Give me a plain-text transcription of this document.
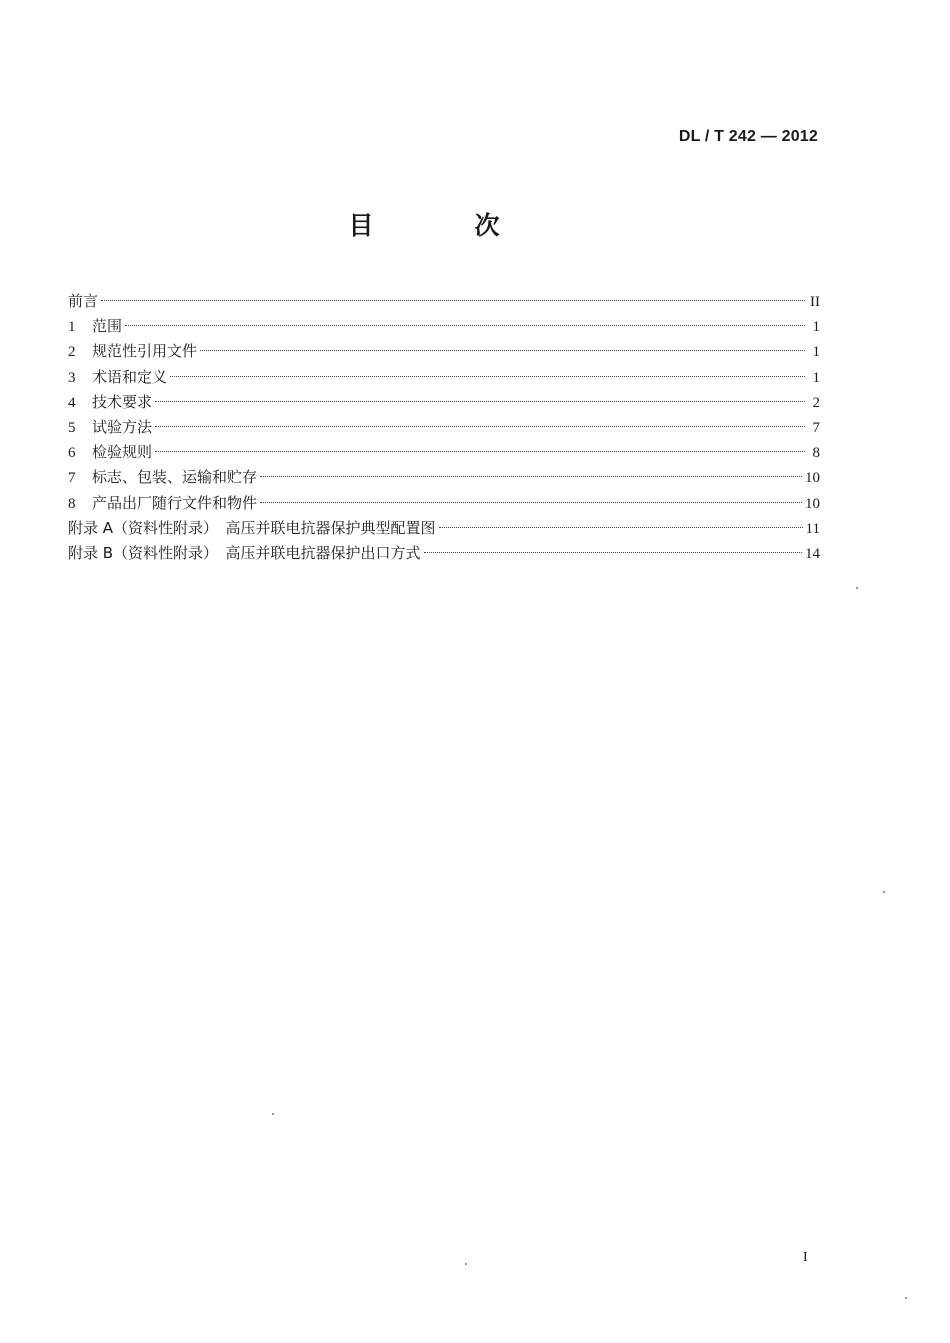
DL / T 242 — 2012
目　次
前言	II
1	范围	1
2	规范性引用文件	1
3	术语和定义	1
4	技术要求	2
5	试验方法	7
6	检验规则	8
7	标志、包装、运输和贮存	10
8	产品出厂随行文件和物件	10
附录 A（资料性附录）　高压并联电抗器保护典型配置图	11
附录 B（资料性附录）　高压并联电抗器保护出口方式	14
I
